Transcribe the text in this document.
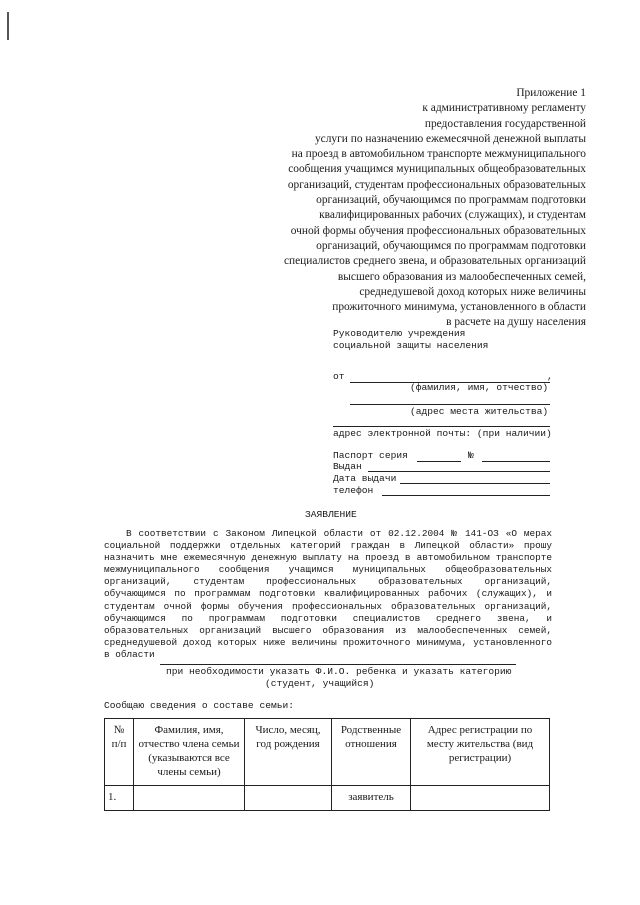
Приложение 1
к административному регламенту
предоставления государственной
услуги по назначению ежемесячной денежной выплаты
на проезд в автомобильном транспорте межмуниципального
сообщения учащимся муниципальных общеобразовательных
организаций, студентам профессиональных образовательных
организаций, обучающимся по программам подготовки
квалифицированных рабочих (служащих), и студентам
очной формы обучения профессиональных образовательных
организаций, обучающимся по программам подготовки
специалистов среднего звена, и образовательных организаций
высшего образования из малообеспеченных семей,
среднедушевой доход которых ниже величины
прожиточного минимума, установленного в области
в расчете на душу населения
Руководителю учреждения
социальной защиты населения
от	,
(фамилия, имя, отчество)
(адрес места жительства)
адрес электронной почты: (при наличии)
Паспорт серия	№
Выдан
Дата выдачи
телефон
ЗАЯВЛЕНИЕ

В соответствии с Законом Липецкой области от 02.12.2004 № 141-ОЗ «О мерах социальной поддержки отдельных категорий граждан в Липецкой области» прошу назначить мне ежемесячную денежную выплату на проезд в автомобильном транспорте межмуниципального сообщения учащимся муниципальных общеобразовательных организаций, студентам профессиональных образовательных организаций, обучающимся по программам подготовки квалифицированных рабочих (служащих), и студентам очной формы обучения профессиональных образовательных организаций, обучающимся по программам подготовки специалистов среднего звена, и образовательных организаций высшего образования из малообеспеченных семей, среднедушевой доход которых ниже величины прожиточного минимума, установленного в области

при необходимости указать Ф.И.О. ребенка и указать категорию
(студент, учащийся)
Сообщаю сведения о составе семьи:
№ п/п	Фамилия, имя, отчество члена семьи (указываются все члены семьи)	Число, месяц, год рождения	Родственные отношения	Адрес регистрации по месту жительства (вид регистрации)
1.			заявитель	
